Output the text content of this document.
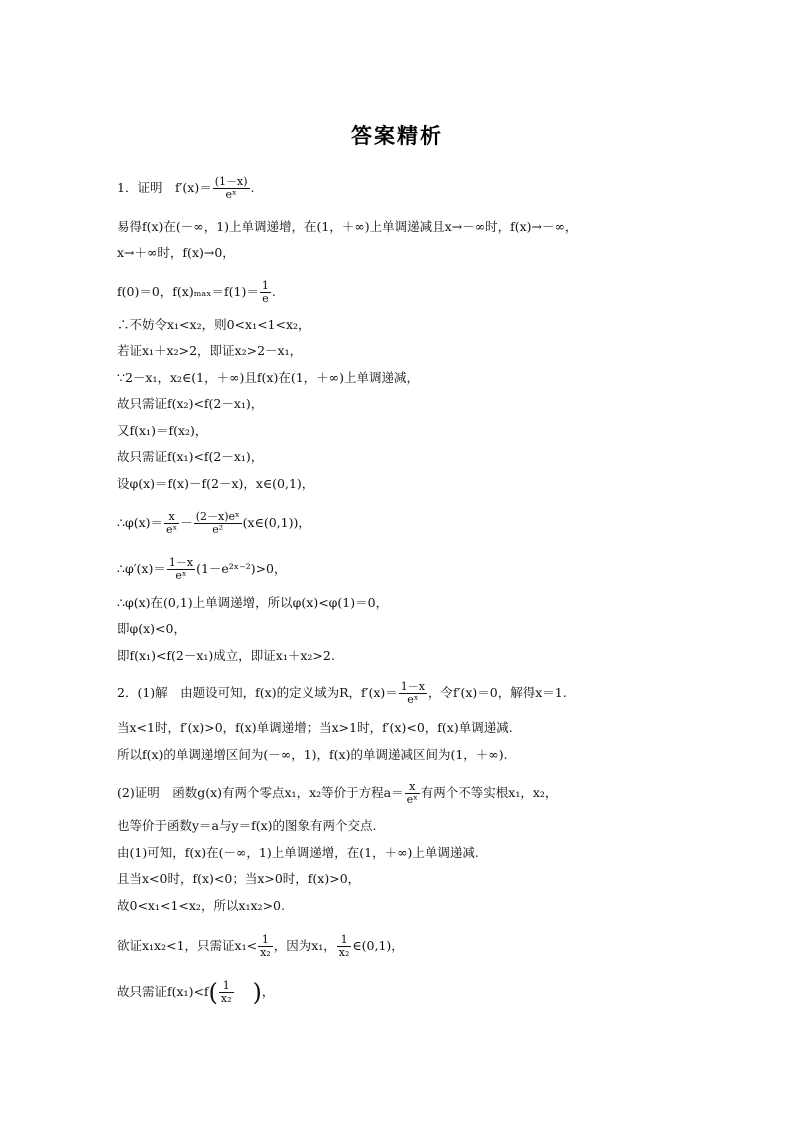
答案精析
1．证明　$f'(x)= \frac{(1-x)}{\text{eˣ}}$ .
易得f(x)在(－∞，1)上单调递增，在(1，＋∞)上单调递减且x→－∞时，f(x)→－∞，
x→＋∞时，f(x)→0，
f(0)＝0，$f(x)_{max}=f(1)= \frac{1}{e}$ .
∴不妨令x₁<x₂，则0<x₁<1<x₂，
若证x₁＋x₂>2，即证x₂>2－x₁，
∵2－x₁，x₂∈(1，＋∞)且f(x)在(1，＋∞)上单调递减，
故只需证f(x₂)<f(2－x₁)，
又f(x₁)＝f(x₂)，
故只需证f(x₁)<f(2－x₁)，
设φ(x)＝f(x)－f(2－x)，x∈(0,1)，
∴φ(x)＝ $\frac{x}{\text{eˣ}} - \frac{\text{(2－x)eˣ}}{\text{e²}}$ (x∈(0,1))，
∴φ′(x)＝ $\frac{1-x}{\text{eˣ}}$ (1－e²ˣ⁻²)>0，
∴φ(x)在(0,1)上单调递增，所以φ(x)<φ(1)＝0，
即φ(x)<0，
即f(x₁)<f(2－x₁)成立，即证x₁＋x₂>2.
2．(1)解　由题设可知，f(x)的定义域为R，$f'(x)= \frac{1-x}{\text{eˣ}}$ ，令f′(x)＝0，解得x＝1.
当x<1时，f′(x)>0，f(x)单调递增；当x>1时，f′(x)<0，f(x)单调递减.
所以f(x)的单调递增区间为(－∞，1)，f(x)的单调递减区间为(1，＋∞).
(2)证明　函数g(x)有两个零点x₁，x₂等价于方程$a= \frac{x}{\text{eˣ}}$ 有两个不等实根x₁，x₂，
也等价于函数y＝a与y＝f(x)的图象有两个交点.
由(1)可知，f(x)在(－∞，1)上单调递增，在(1，＋∞)上单调递减.
且当x<0时，f(x)<0；当x>0时，f(x)>0，
故0<x₁<1<x₂，所以x₁x₂>0.
欲证x₁x₂<1，只需证$x_1< \frac{1}{\text{x₂}}$ ，因为x₁， $\frac{1}{\text{x₂}}$ ∈(0,1)，
故只需证$f(x_1)<f( \frac{1}{\text{x₂}}$ )，
